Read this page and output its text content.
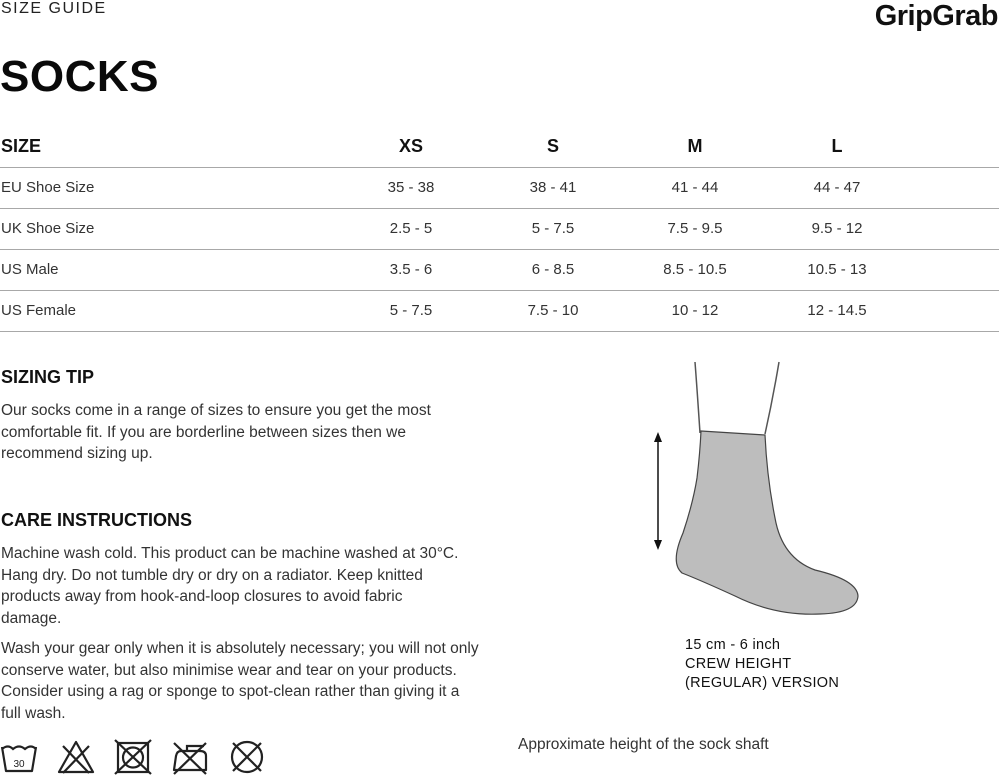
SIZE GUIDE	GripGrab
SOCKS
SIZE	XS	S	M	L	
EU Shoe Size	35 - 38	38 - 41	41 - 44	44 - 47	
UK Shoe Size	2.5 - 5	5 - 7.5	7.5 - 9.5	9.5 - 12	
US Male	3.5 - 6	6 - 8.5	8.5 - 10.5	10.5 - 13	
US Female	5 - 7.5	7.5 - 10	10 - 12	12 - 14.5	
SIZING TIP
Our socks come in a range of sizes to ensure you get the most comfortable fit. If you are borderline between sizes then we recommend sizing up.
CARE INSTRUCTIONS
Machine wash cold. This product can be machine washed at 30°C. Hang dry. Do not tumble dry or dry on a radiator. Keep knitted products away from hook-and-loop closures to avoid fabric damage.
Wash your gear only when it is absolutely necessary; you will not only conserve water, but also minimise wear and tear on your products. Consider using a rag or sponge to spot-clean rather than giving it a full wash.
30
15 cm - 6 inch
CREW HEIGHT
(REGULAR) VERSION
Approximate height of the sock shaft
